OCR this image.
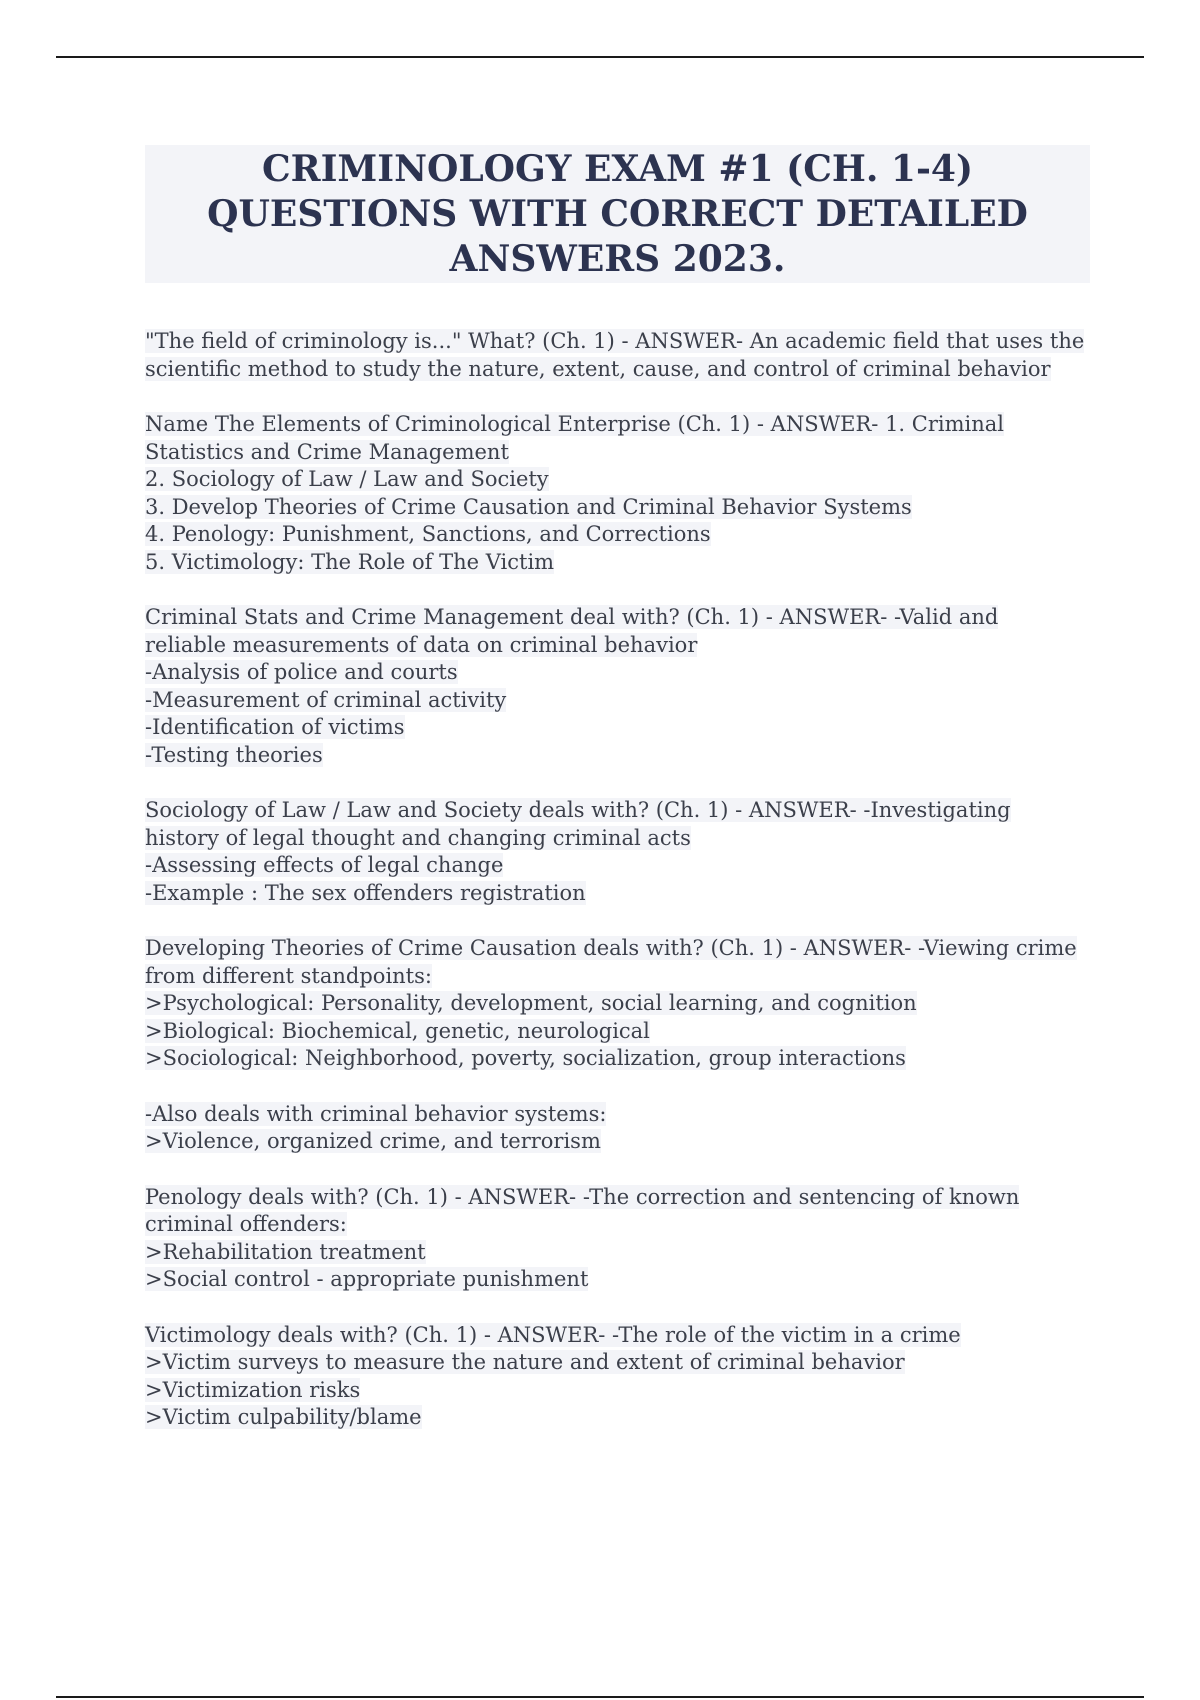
CRIMINOLOGY EXAM #1 (CH. 1-4)
QUESTIONS WITH CORRECT DETAILED
ANSWERS 2023.
"The field of criminology is..." What? (Ch. 1) - ANSWER- An academic field that uses the
scientific method to study the nature, extent, cause, and control of criminal behavior
Name The Elements of Criminological Enterprise (Ch. 1) - ANSWER- 1. Criminal
Statistics and Crime Management
2. Sociology of Law / Law and Society
3. Develop Theories of Crime Causation and Criminal Behavior Systems
4. Penology: Punishment, Sanctions, and Corrections
5. Victimology: The Role of The Victim
Criminal Stats and Crime Management deal with? (Ch. 1) - ANSWER- -Valid and
reliable measurements of data on criminal behavior
-Analysis of police and courts
-Measurement of criminal activity
-Identification of victims
-Testing theories
Sociology of Law / Law and Society deals with? (Ch. 1) - ANSWER- -Investigating
history of legal thought and changing criminal acts
-Assessing effects of legal change
-Example : The sex offenders registration
Developing Theories of Crime Causation deals with? (Ch. 1) - ANSWER- -Viewing crime
from different standpoints:
>Psychological: Personality, development, social learning, and cognition
>Biological: Biochemical, genetic, neurological
>Sociological: Neighborhood, poverty, socialization, group interactions
-Also deals with criminal behavior systems:
>Violence, organized crime, and terrorism
Penology deals with? (Ch. 1) - ANSWER- -The correction and sentencing of known
criminal offenders:
>Rehabilitation treatment
>Social control - appropriate punishment
Victimology deals with? (Ch. 1) - ANSWER- -The role of the victim in a crime
>Victim surveys to measure the nature and extent of criminal behavior
>Victimization risks
>Victim culpability/blame
